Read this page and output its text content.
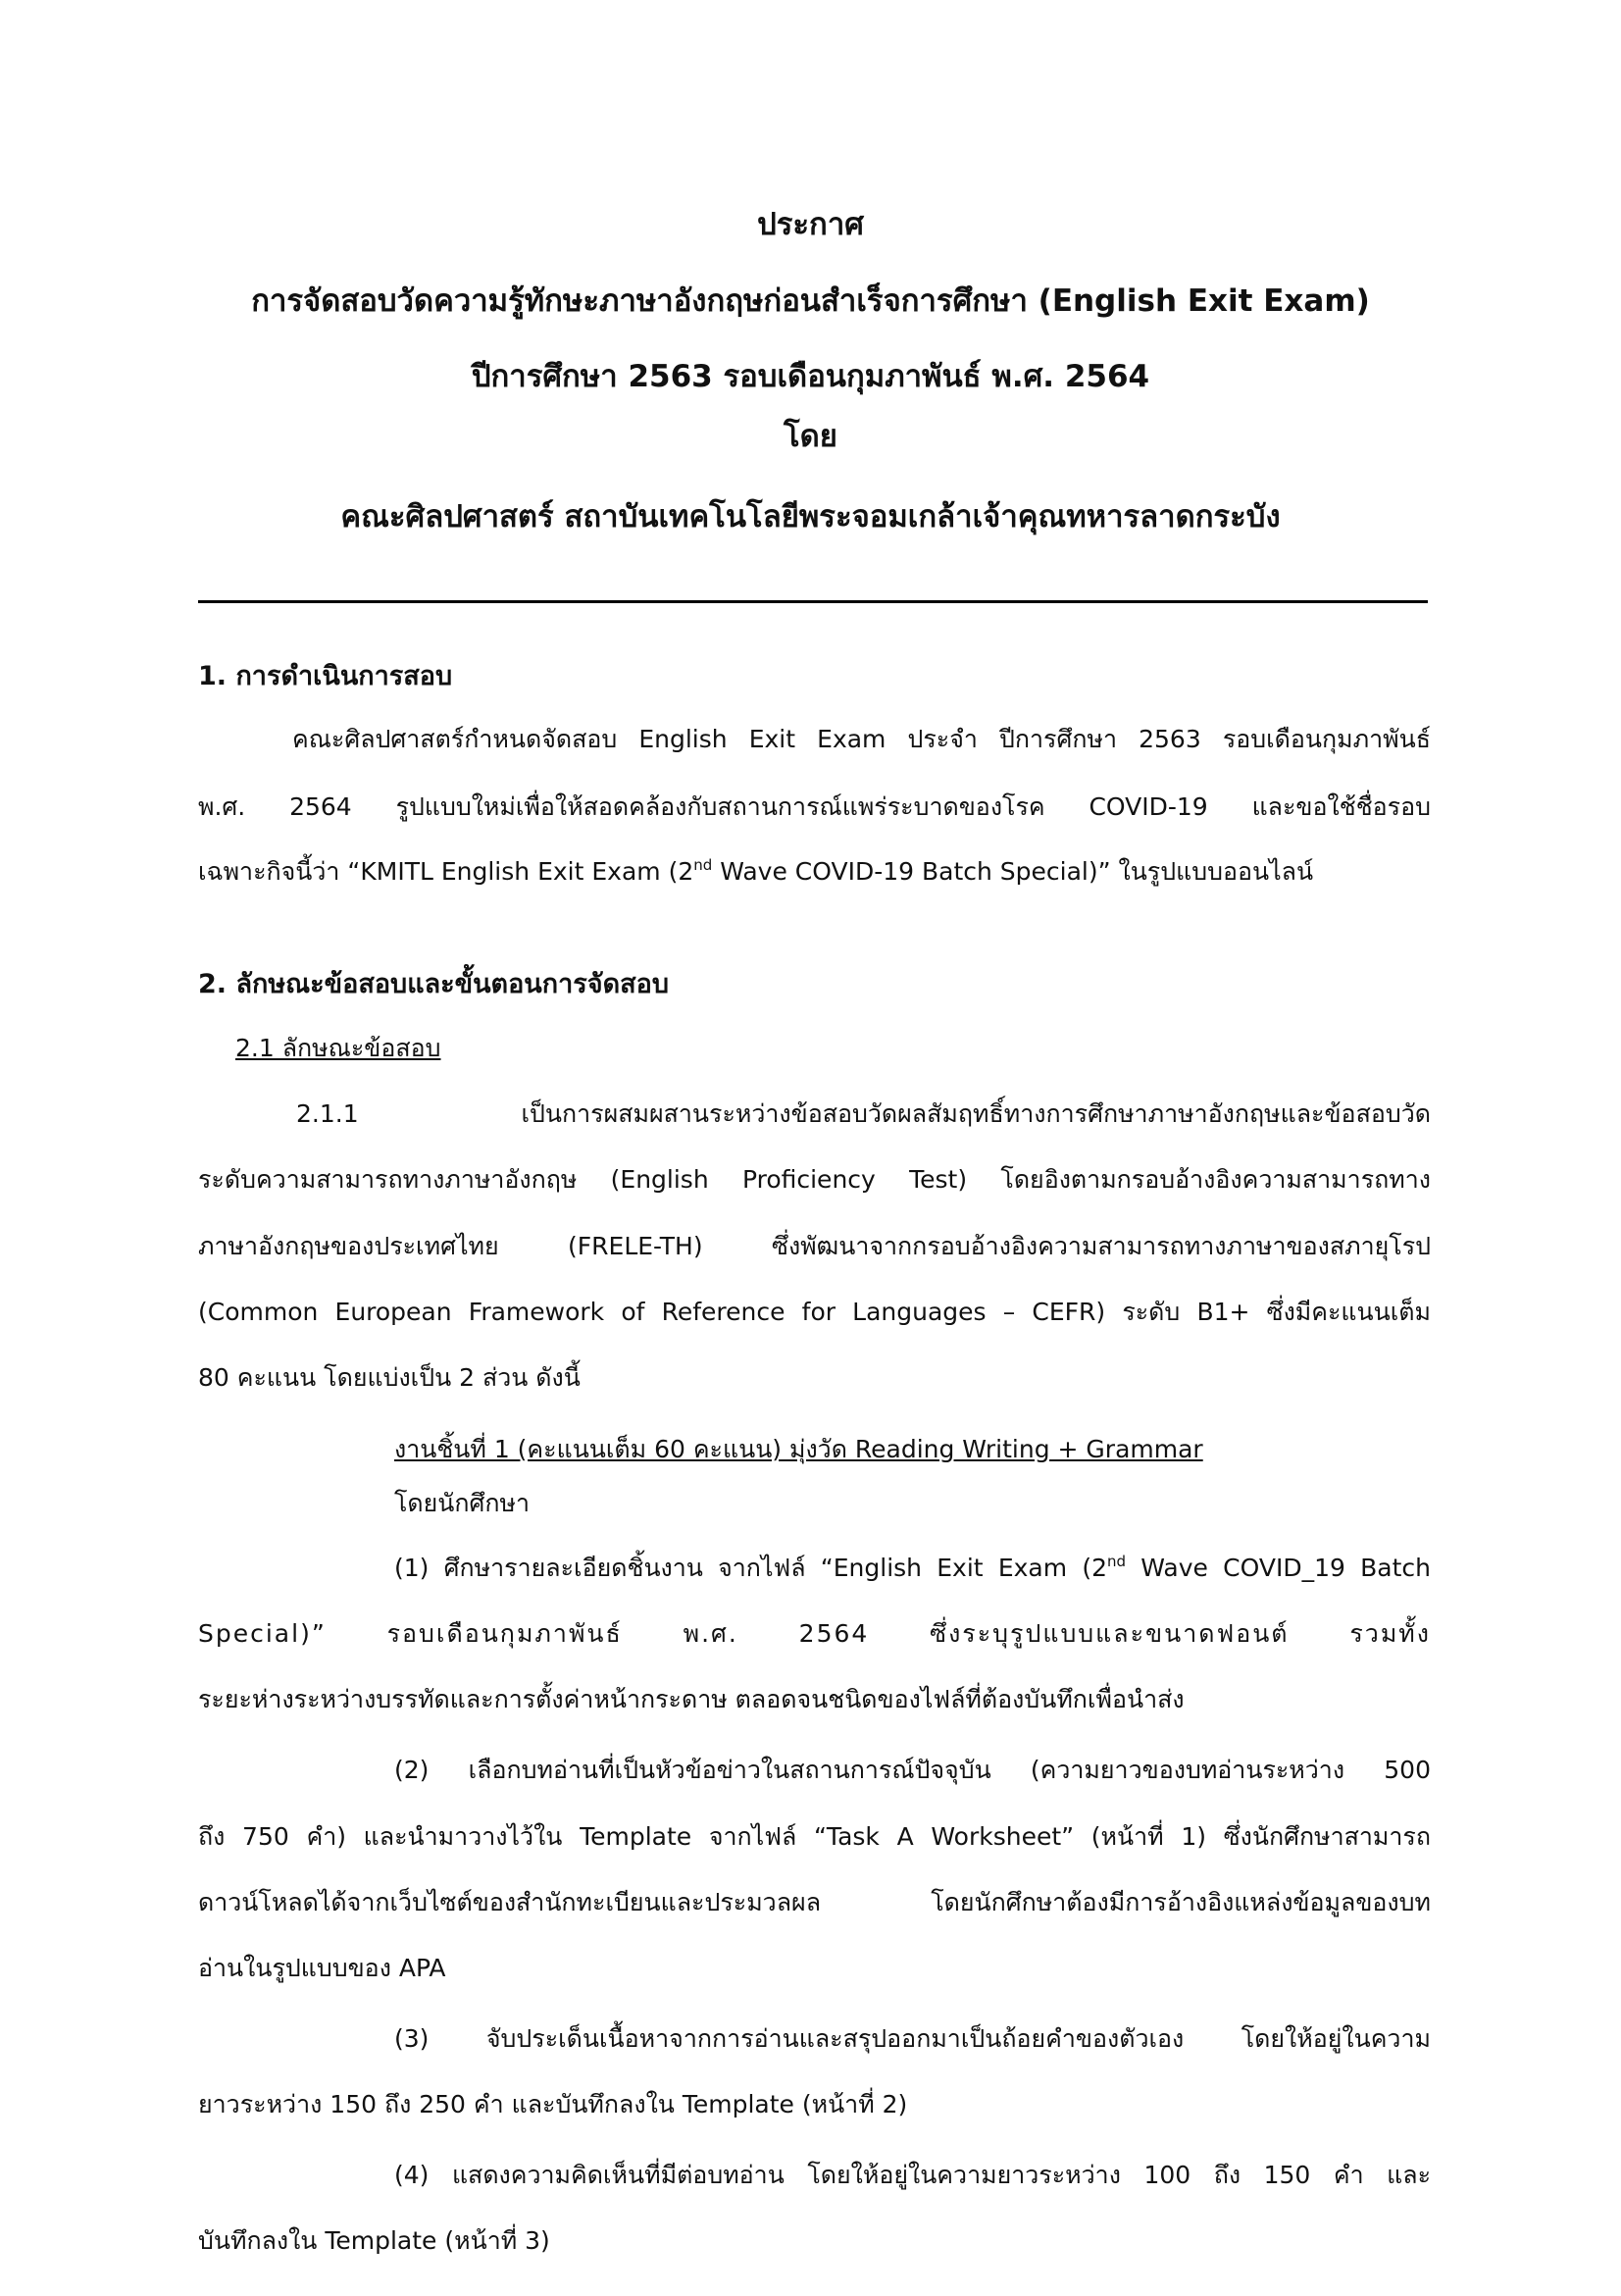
ประกาศ

การจัดสอบวัดความรู้ทักษะภาษาอังกฤษก่อนสำเร็จการศึกษา (English Exit Exam)

ปีการศึกษา 2563 รอบเดือนกุมภาพันธ์ พ.ศ. 2564

โดย

คณะศิลปศาสตร์ สถาบันเทคโนโลยีพระจอมเกล้าเจ้าคุณทหารลาดกระบัง

1. การดำเนินการสอบ

คณะศิลปศาสตร์กำหนดจัดสอบ English Exit Exam ประจำ ปีการศึกษา 2563 รอบเดือนกุมภาพันธ์

พ.ศ. 2564 รูปแบบใหม่เพื่อให้สอดคล้องกับสถานการณ์แพร่ระบาดของโรค COVID-19 และขอใช้ชื่อรอบ

เฉพาะกิจนี้ว่า “KMITL English Exit Exam (2nd Wave COVID-19 Batch Special)” ในรูปแบบออนไลน์

2. ลักษณะข้อสอบและขั้นตอนการจัดสอบ

2.1 ลักษณะข้อสอบ

2.1.1 เป็นการผสมผสานระหว่างข้อสอบวัดผลสัมฤทธิ์ทางการศึกษาภาษาอังกฤษและข้อสอบวัด

ระดับความสามารถทางภาษาอังกฤษ (English Proficiency Test) โดยอิงตามกรอบอ้างอิงความสามารถทาง

ภาษาอังกฤษของประเทศไทย (FRELE-TH) ซึ่งพัฒนาจากกรอบอ้างอิงความสามารถทางภาษาของสภายุโรป

(Common European Framework of Reference for Languages – CEFR) ระดับ B1+ ซึ่งมีคะแนนเต็ม

80 คะแนน โดยแบ่งเป็น 2 ส่วน ดังนี้

งานชิ้นที่ 1 (คะแนนเต็ม 60 คะแนน) มุ่งวัด Reading Writing + Grammar

โดยนักศึกษา

(1) ศึกษารายละเอียดชิ้นงาน จากไฟล์ “English Exit Exam (2nd Wave COVID_19 Batch

Special)” รอบเดือนกุมภาพันธ์ พ.ศ. 2564 ซึ่งระบุรูปแบบและขนาดฟอนต์ รวมทั้ง

ระยะห่างระหว่างบรรทัดและการตั้งค่าหน้ากระดาษ ตลอดจนชนิดของไฟล์ที่ต้องบันทึกเพื่อนำส่ง

(2) เลือกบทอ่านที่เป็นหัวข้อข่าวในสถานการณ์ปัจจุบัน (ความยาวของบทอ่านระหว่าง 500

ถึง 750 คำ) และนำมาวางไว้ใน Template จากไฟล์ “Task A Worksheet” (หน้าที่ 1) ซึ่งนักศึกษาสามารถ

ดาวน์โหลดได้จากเว็บไซต์ของสำนักทะเบียนและประมวลผล โดยนักศึกษาต้องมีการอ้างอิงแหล่งข้อมูลของบท

อ่านในรูปแบบของ APA

(3) จับประเด็นเนื้อหาจากการอ่านและสรุปออกมาเป็นถ้อยคำของตัวเอง โดยให้อยู่ในความ

ยาวระหว่าง 150 ถึง 250 คำ และบันทึกลงใน Template (หน้าที่ 2)

(4) แสดงความคิดเห็นที่มีต่อบทอ่าน โดยให้อยู่ในความยาวระหว่าง 100 ถึง 150 คำ และ

บันทึกลงใน Template (หน้าที่ 3)
